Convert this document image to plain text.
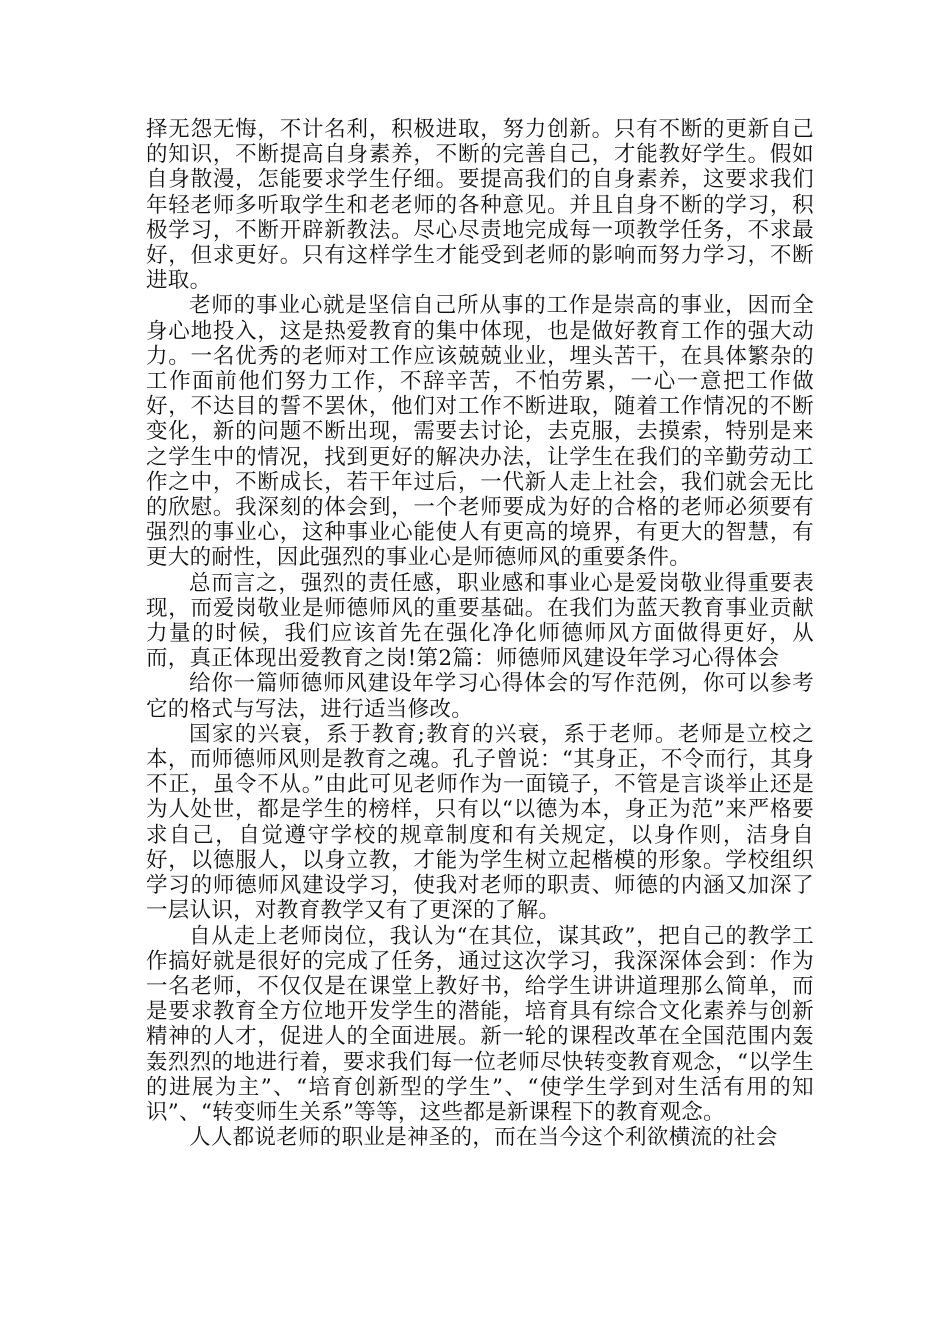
择无怨无悔，不计名利，积极进取，努力创新。只有不断的更新自己的知识，不断提高自身素养，不断的完善自己，才能教好学生。假如自身散漫，怎能要求学生仔细。要提高我们的自身素养，这要求我们年轻老师多听取学生和老老师的各种意见。并且自身不断的学习，积极学习，不断开辟新教法。尽心尽责地完成每一项教学任务，不求最好，但求更好。只有这样学生才能受到老师的影响而努力学习，不断进取。

老师的事业心就是坚信自己所从事的工作是崇高的事业，因而全身心地投入，这是热爱教育的集中体现，也是做好教育工作的强大动力。一名优秀的老师对工作应该兢兢业业，埋头苦干，在具体繁杂的工作面前他们努力工作，不辞辛苦，不怕劳累，一心一意把工作做好，不达目的誓不罢休，他们对工作不断进取，随着工作情况的不断变化，新的问题不断出现，需要去讨论，去克服，去摸索，特别是来之学生中的情况，找到更好的解决办法，让学生在我们的辛勤劳动工作之中，不断成长，若干年过后，一代新人走上社会，我们就会无比的欣慰。我深刻的体会到，一个老师要成为好的合格的老师必须要有强烈的事业心，这种事业心能使人有更高的境界，有更大的智慧，有更大的耐性，因此强烈的事业心是师德师风的重要条件。

总而言之，强烈的责任感，职业感和事业心是爱岗敬业得重要表现，而爱岗敬业是师德师风的重要基础。在我们为蓝天教育事业贡献力量的时候，我们应该首先在强化净化师德师风方面做得更好，从而，真正体现出爱教育之岗!第2篇：师德师风建设年学习心得体会

给你一篇师德师风建设年学习心得体会的写作范例，你可以参考它的格式与写法，进行适当修改。

国家的兴衰，系于教育;教育的兴衰，系于老师。老师是立校之本，而师德师风则是教育之魂。孔子曾说：“其身正，不令而行，其身不正，虽令不从。”由此可见老师作为一面镜子，不管是言谈举止还是为人处世，都是学生的榜样，只有以“以德为本，身正为范”来严格要求自己，自觉遵守学校的规章制度和有关规定，以身作则，洁身自好，以德服人，以身立教，才能为学生树立起楷模的形象。学校组织学习的师德师风建设学习，使我对老师的职责、师德的内涵又加深了一层认识，对教育教学又有了更深的了解。

自从走上老师岗位，我认为“在其位，谋其政”，把自己的教学工作搞好就是很好的完成了任务，通过这次学习，我深深体会到：作为一名老师，不仅仅是在课堂上教好书，给学生讲讲道理那么简单，而是要求教育全方位地开发学生的潜能，培育具有综合文化素养与创新精神的人才，促进人的全面进展。新一轮的课程改革在全国范围内轰轰烈烈的地进行着，要求我们每一位老师尽快转变教育观念，“以学生的进展为主”、“培育创新型的学生”、“使学生学到对生活有用的知识”、“转变师生关系”等等，这些都是新课程下的教育观念。

人人都说老师的职业是神圣的，而在当今这个利欲横流的社会
